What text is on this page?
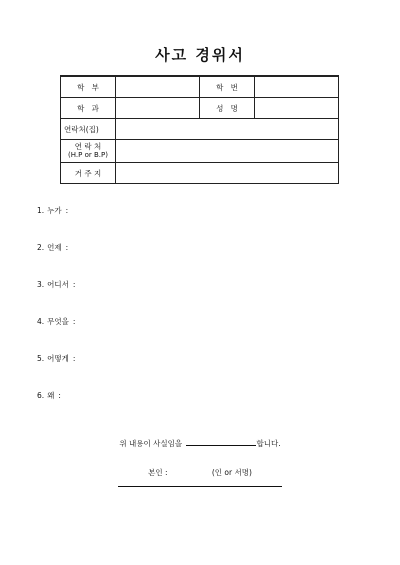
사고 경위서
학   부		학   번	
학   과		성   명	
연락처(집)			

연 락 처
(H.P or B.P)			

거 주 지			
1. 누가 :
2. 언제 :
3. 어디서 :
4. 무엇을 :
5. 어떻게 :
6. 왜 :
위 내용이 사실임을	합니다.
본인 :	(인 or 서명)
